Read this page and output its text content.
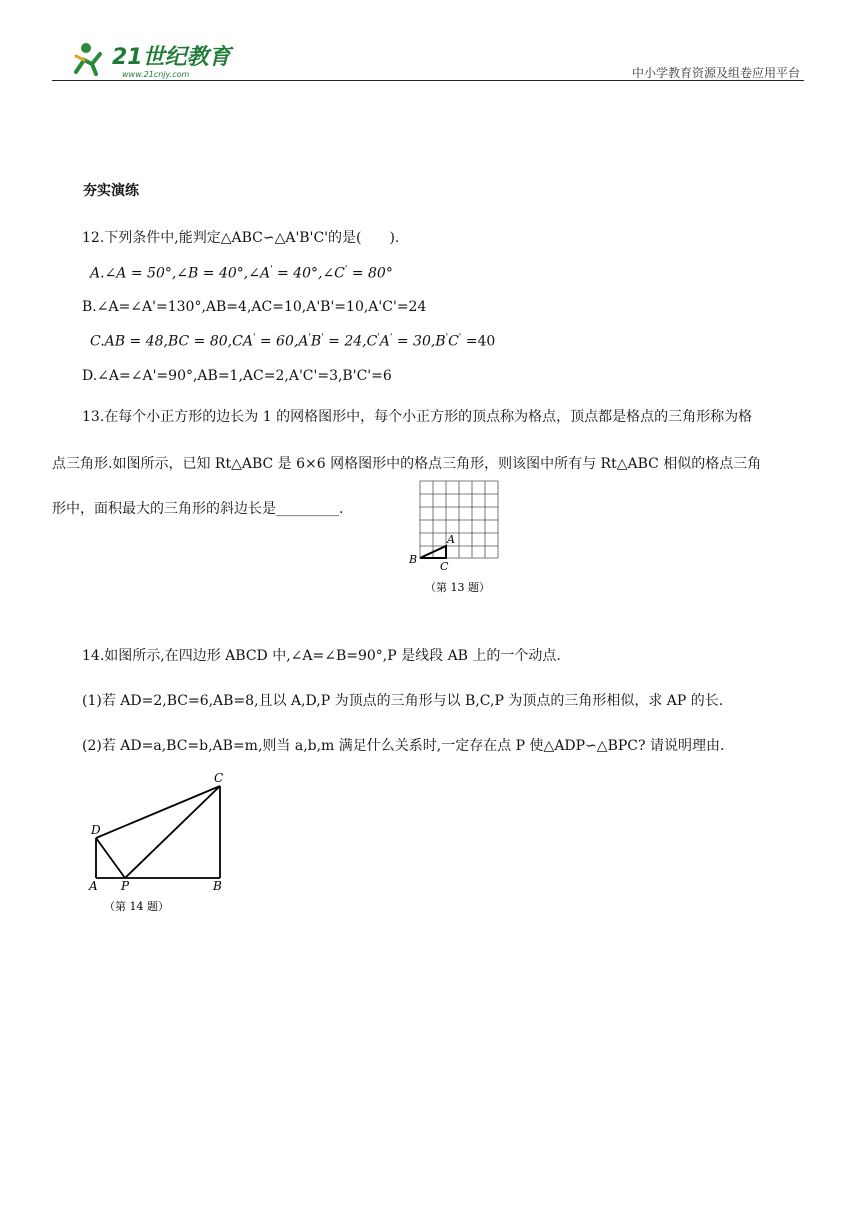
21世纪教育
www.21cnjy.com	中小学教育资源及组卷应用平台
夯实演练
12.下列条件中,能判定△ABC∽△A'B'C'的是(　　).
A.∠A = 50°,∠B = 40°,∠A' = 40°,∠C' = 80°
B.∠A=∠A'=130°,AB=4,AC=10,A'B'=10,A'C'=24
C.AB = 48,BC = 80,CA' = 60,A'B' = 24,C'A' = 30,B'C' =40
D.∠A=∠A'=90°,AB=1,AC=2,A'C'=3,B'C'=6
13.在每个小正方形的边长为 1 的网格图形中，每个小正方形的顶点称为格点，顶点都是格点的三角形称为格
点三角形.如图所示，已知 Rt△ABC 是 6×6 网格图形中的格点三角形，则该图中所有与 Rt△ABC 相似的格点三角
形中，面积最大的三角形的斜边长是_________.
A
B
C
（第 13 题）
14.如图所示,在四边形 ABCD 中,∠A=∠B=90°,P 是线段 AB 上的一个动点.
(1)若 AD=2,BC=6,AB=8,且以 A,D,P 为顶点的三角形与以 B,C,P 为顶点的三角形相似，求 AP 的长.
(2)若 AD=a,BC=b,AB=m,则当 a,b,m 满足什么关系时,一定存在点 P 使△ADP∽△BPC? 请说明理由.
C
D
A P	B
（第 14 题）
